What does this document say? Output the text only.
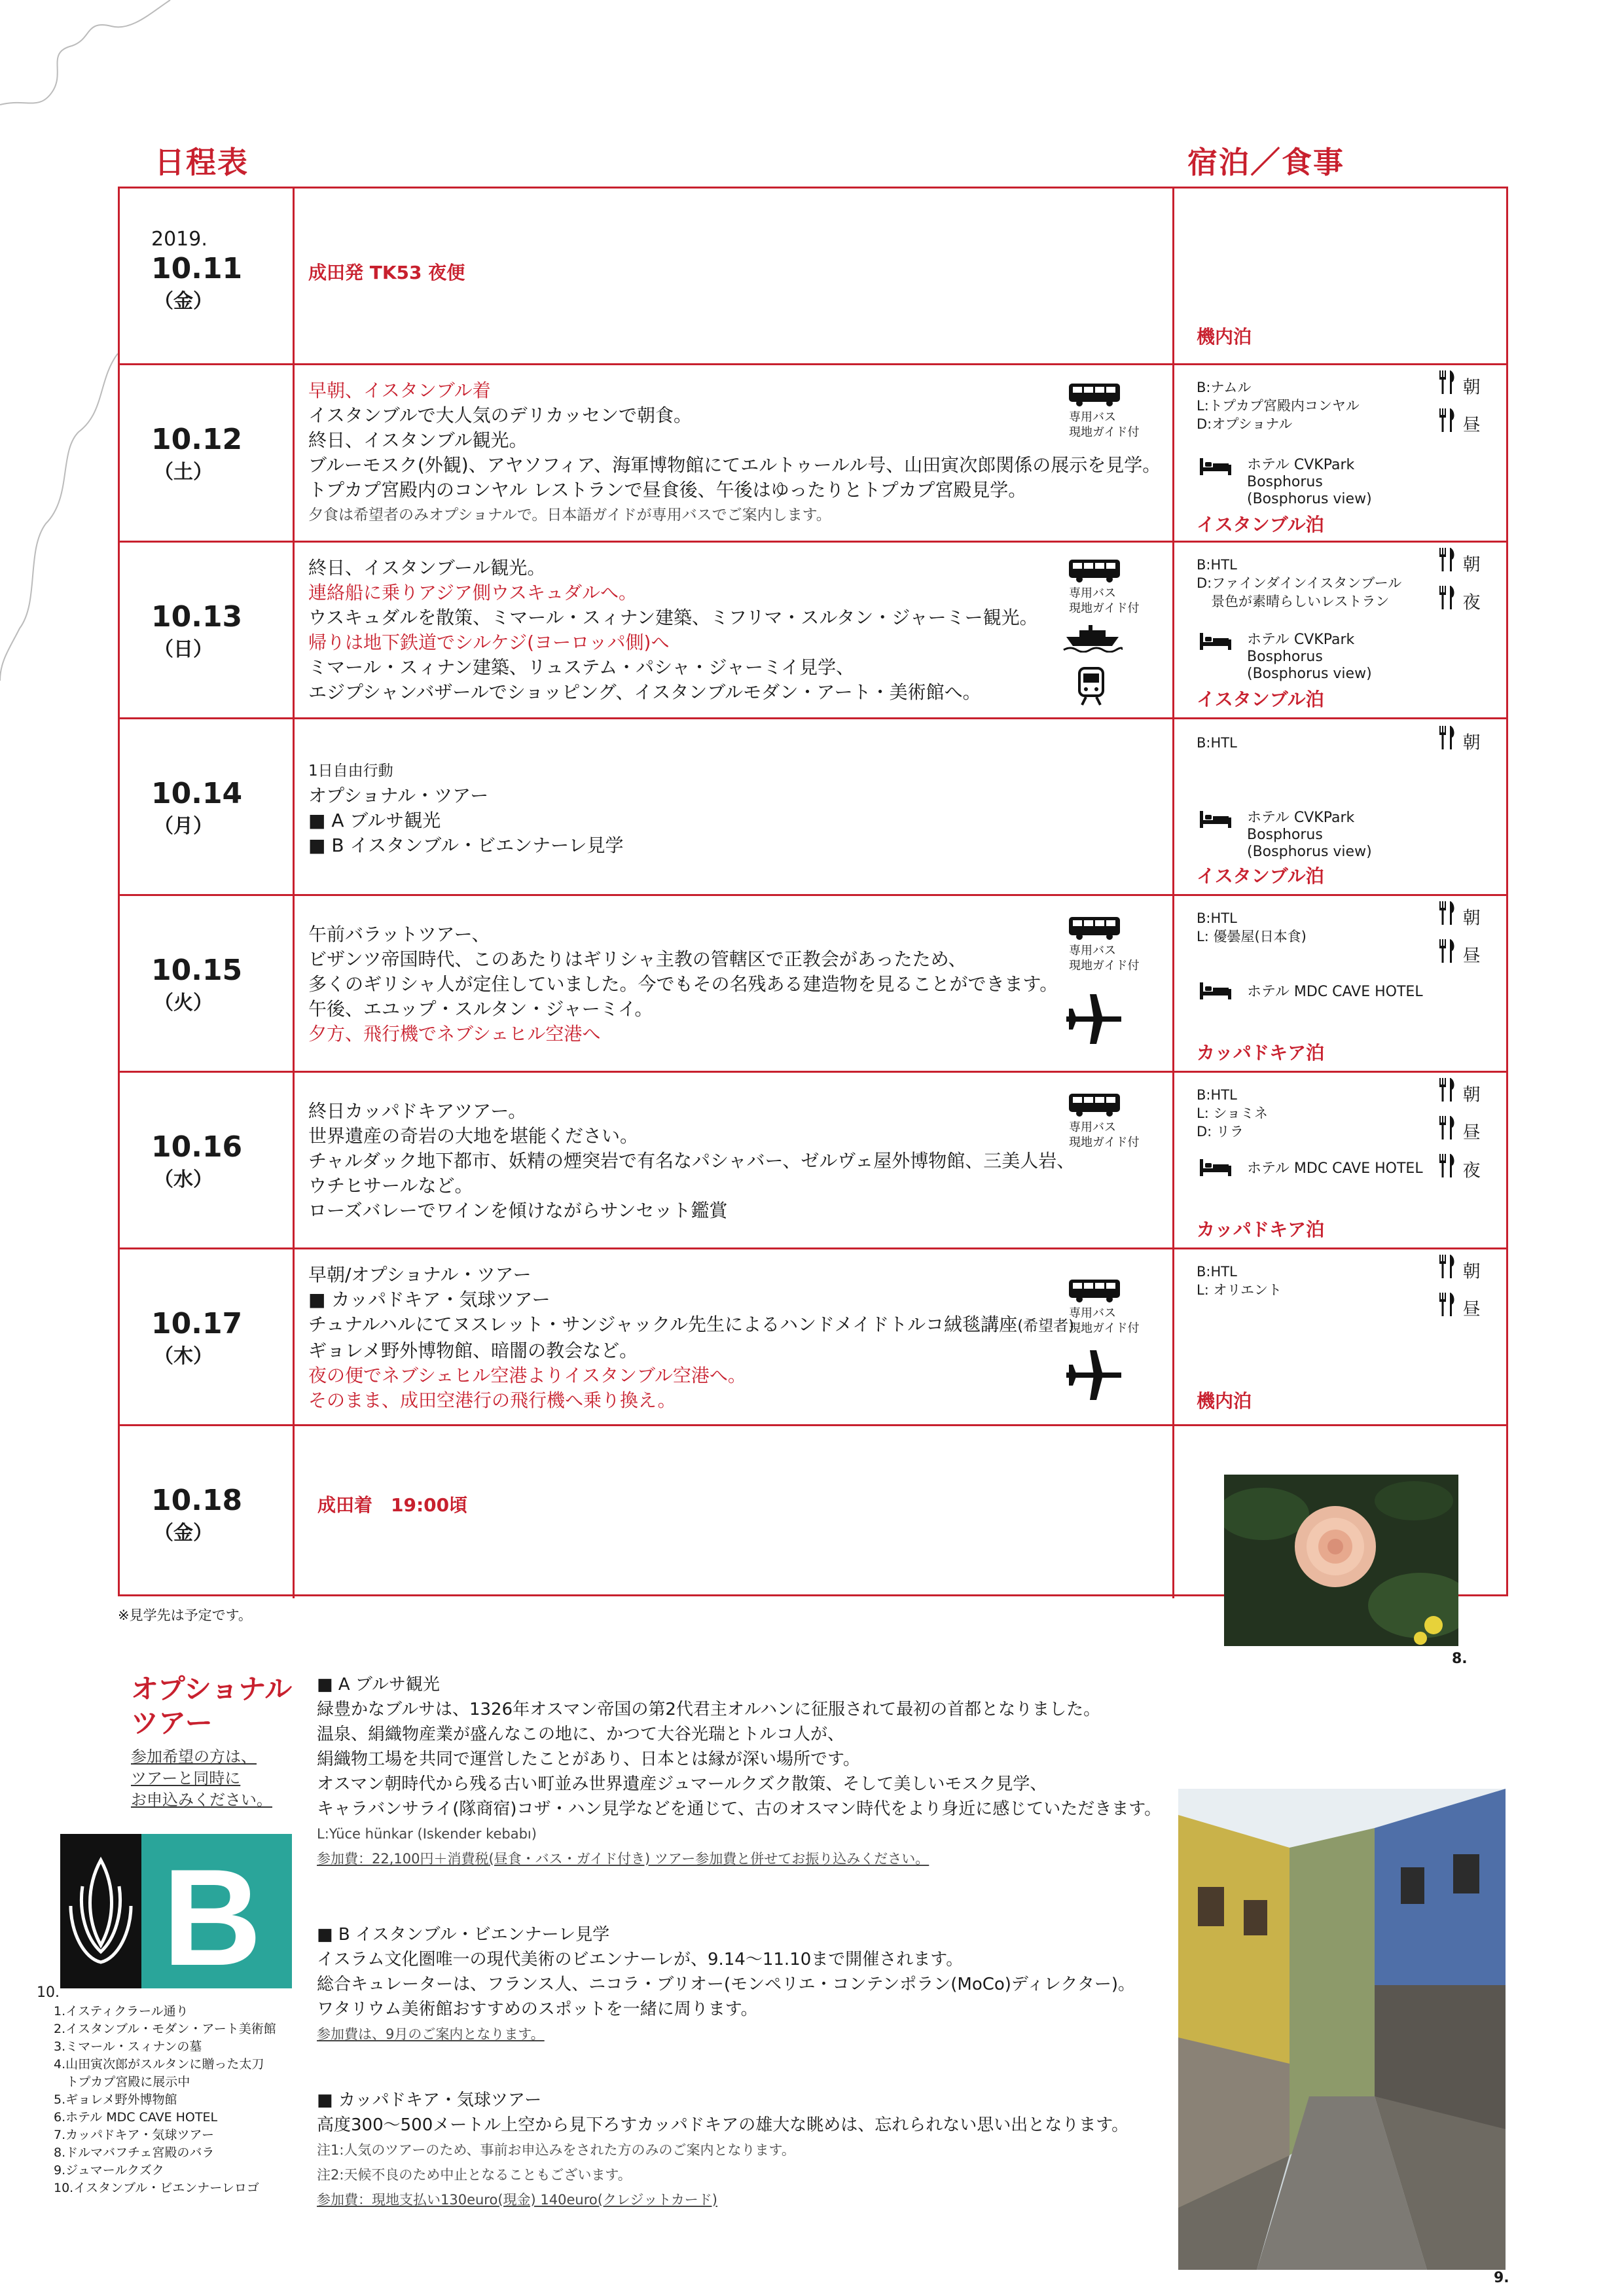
日程表	宿泊／食事
2019.
10.11
（金）
成田発 TK53 夜便
機内泊
10.12
（土）
早朝、イスタンブル着
イスタンブルで大人気のデリカッセンで朝食。
終日、イスタンブル観光。
ブルーモスク(外観)、アヤソフィア、海軍博物館にてエルトゥールル号、山田寅次郎関係の展示を見学。
トプカプ宮殿内のコンヤル レストランで昼食後、午後はゆったりとトプカプ宮殿見学。
夕食は希望者のみオプショナルで。日本語ガイドが専用バスでご案内します。
専用バス
現地ガイド付
B:ナムル
L:トプカプ宮殿内コンヤル
D:オプショナル
朝
昼
ホテル CVKPark
Bosphorus
(Bosphorus view)
イスタンブル泊
10.13
（日）
終日、イスタンブール観光。
連絡船に乗りアジア側ウスキュダルへ。
ウスキュダルを散策、ミマール・スィナン建築、ミフリマ・スルタン・ジャーミー観光。
帰りは地下鉄道でシルケジ(ヨーロッパ側)へ
ミマール・スィナン建築、リュステム・パシャ・ジャーミイ見学、
エジプシャンバザールでショッピング、イスタンブルモダン・アート・美術館へ。
専用バス
現地ガイド付
B:HTL
D:ファインダインイスタンブール
景色が素晴らしいレストラン
朝
夜
ホテル CVKPark
Bosphorus
(Bosphorus view)
イスタンブル泊
10.14
（月）
1日自由行動
オプショナル・ツアー
■ A ブルサ観光
■ B イスタンブル・ビエンナーレ見学
B:HTL	朝
ホテル CVKPark
Bosphorus
(Bosphorus view)
イスタンブル泊
10.15
（火）
午前バラットツアー、
ビザンツ帝国時代、このあたりはギリシャ主教の管轄区で正教会があったため、
多くのギリシャ人が定住していました。今でもその名残ある建造物を見ることができます。
午後、エユップ・スルタン・ジャーミイ。
夕方、飛行機でネブシェヒル空港へ
専用バス
現地ガイド付
B:HTL
L: 優曇屋(日本食)
朝
昼
ホテル MDC CAVE HOTEL
カッパドキア泊
10.16
（水）
終日カッパドキアツアー。
世界遺産の奇岩の大地を堪能ください。
チャルダック地下都市、妖精の煙突岩で有名なパシャバー、ゼルヴェ屋外博物館、三美人岩、
ウチヒサールなど。
ローズバレーでワインを傾けながらサンセット鑑賞
専用バス
現地ガイド付
B:HTL
L: ショミネ
D: リラ
朝
昼
夜
ホテル MDC CAVE HOTEL
カッパドキア泊
10.17
（木）
早朝/オプショナル・ツアー
■ カッパドキア・気球ツアー
チュナルハルにてヌスレット・サンジャックル先生によるハンドメイドトルコ絨毯講座(希望者)
ギョレメ野外博物館、暗闇の教会など。
夜の便でネブシェヒル空港よりイスタンブル空港へ。
そのまま、成田空港行の飛行機へ乗り換え。
専用バス
現地ガイド付
B:HTL
L: オリエント
朝
昼
機内泊
10.18
（金）
成田着　19:00頃
8.
※見学先は予定です。
オプショナル
ツアー
参加希望の方は、
ツアーと同時に
お申込みください。
■ A ブルサ観光
緑豊かなブルサは、1326年オスマン帝国の第2代君主オルハンに征服されて最初の首都となりました。
温泉、絹織物産業が盛んなこの地に、かつて大谷光瑞とトルコ人が、
絹織物工場を共同で運営したことがあり、日本とは縁が深い場所です。
オスマン朝時代から残る古い町並み世界遺産ジュマールクズク散策、そして美しいモスク見学、
キャラバンサライ(隊商宿)コザ・ハン見学などを通じて、古のオスマン時代をより身近に感じていただきます。
L:Yüce hünkar (Iskender kebabı)
参加費：22,100円＋消費税(昼食・バス・ガイド付き) ツアー参加費と併せてお振り込みください。
■ B イスタンブル・ビエンナーレ見学
イスラム文化圏唯一の現代美術のビエンナーレが、9.14〜11.10まで開催されます。
総合キュレーターは、フランス人、ニコラ・ブリオー(モンペリエ・コンテンポラン(MoCo)ディレクター)。
ワタリウム美術館おすすめのスポットを一緒に周ります。
参加費は、9月のご案内となります。
■ カッパドキア・気球ツアー
高度300〜500メートル上空から見下ろすカッパドキアの雄大な眺めは、忘れられない思い出となります。
注1:人気のツアーのため、事前お申込みをされた方のみのご案内となります。
注2:天候不良のため中止となることもございます。
参加費：現地支払い130euro(現金) 140euro(クレジットカード)
B
10.
1.イスティクラール通り
2.イスタンブル・モダン・アート美術館
3.ミマール・スィナンの墓
4.山田寅次郎がスルタンに贈った太刀
　トプカプ宮殿に展示中
5.ギョレメ野外博物館
6.ホテル MDC CAVE HOTEL
7.カッパドキア・気球ツアー
8.ドルマバフチェ宮殿のバラ
9.ジュマールクズク
10.イスタンブル・ビエンナーレロゴ
9.
